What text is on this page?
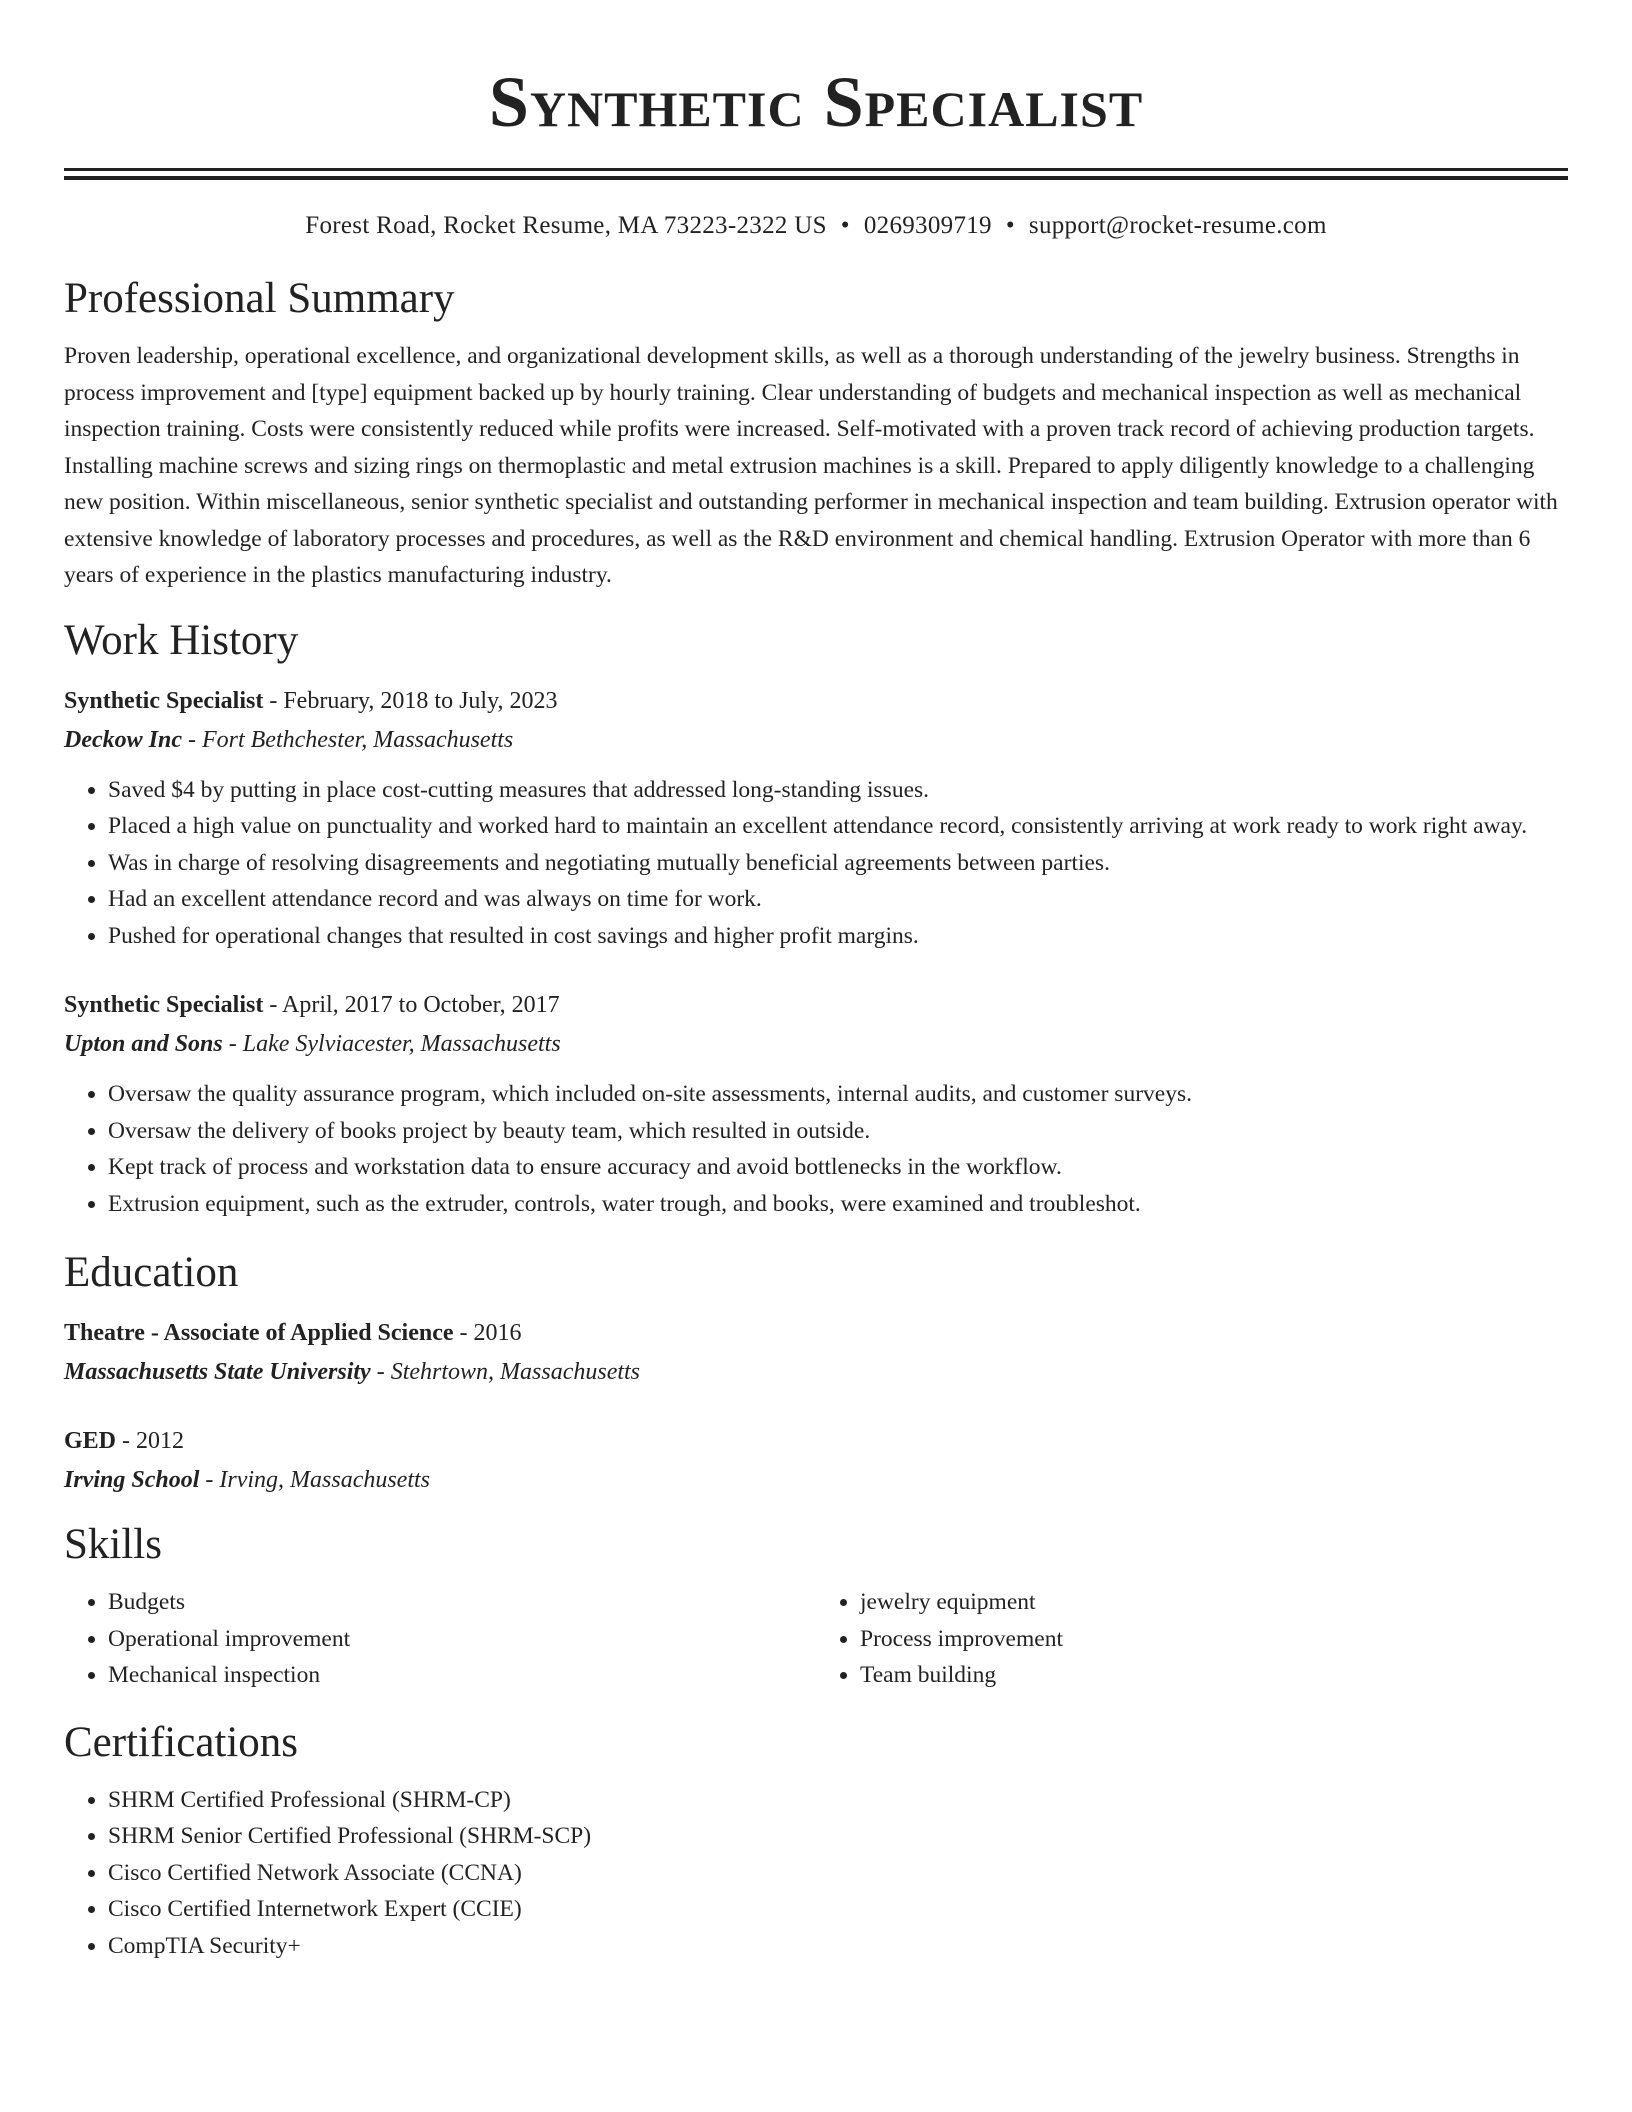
Synthetic Specialist
Forest Road, Rocket Resume, MA 73223-2322 US • 0269309719 • support@rocket-resume.com
Professional Summary

Proven leadership, operational excellence, and organizational development skills, as well as a thorough understanding of the jewelry business. Strengths in process improvement and [type] equipment backed up by hourly training. Clear understanding of budgets and mechanical inspection as well as mechanical inspection training. Costs were consistently reduced while profits were increased. Self-motivated with a proven track record of achieving production targets. Installing machine screws and sizing rings on thermoplastic and metal extrusion machines is a skill. Prepared to apply diligently knowledge to a challenging new position. Within miscellaneous, senior synthetic specialist and outstanding performer in mechanical inspection and team building. Extrusion operator with extensive knowledge of laboratory processes and procedures, as well as the R&D environment and chemical handling. Extrusion Operator with more than 6 years of experience in the plastics manufacturing industry.

Work History
Synthetic Specialist - February, 2018 to July, 2023
Deckow Inc - Fort Bethchester, Massachusetts
• Saved $4 by putting in place cost-cutting measures that addressed long-standing issues.
• Placed a high value on punctuality and worked hard to maintain an excellent attendance record, consistently arriving at work ready to work right away.
• Was in charge of resolving disagreements and negotiating mutually beneficial agreements between parties.
• Had an excellent attendance record and was always on time for work.
• Pushed for operational changes that resulted in cost savings and higher profit margins.
Synthetic Specialist - April, 2017 to October, 2017
Upton and Sons - Lake Sylviacester, Massachusetts
• Oversaw the quality assurance program, which included on-site assessments, internal audits, and customer surveys.
• Oversaw the delivery of books project by beauty team, which resulted in outside.
• Kept track of process and workstation data to ensure accuracy and avoid bottlenecks in the workflow.
• Extrusion equipment, such as the extruder, controls, water trough, and books, were examined and troubleshot.
Education
Theatre - Associate of Applied Science - 2016
Massachusetts State University - Stehrtown, Massachusetts
GED - 2012
Irving School - Irving, Massachusetts
Skills
• Budgets
• Operational improvement
• Mechanical inspection
• jewelry equipment
• Process improvement
• Team building
Certifications
• SHRM Certified Professional (SHRM-CP)
• SHRM Senior Certified Professional (SHRM-SCP)
• Cisco Certified Network Associate (CCNA)
• Cisco Certified Internetwork Expert (CCIE)
• CompTIA Security+
